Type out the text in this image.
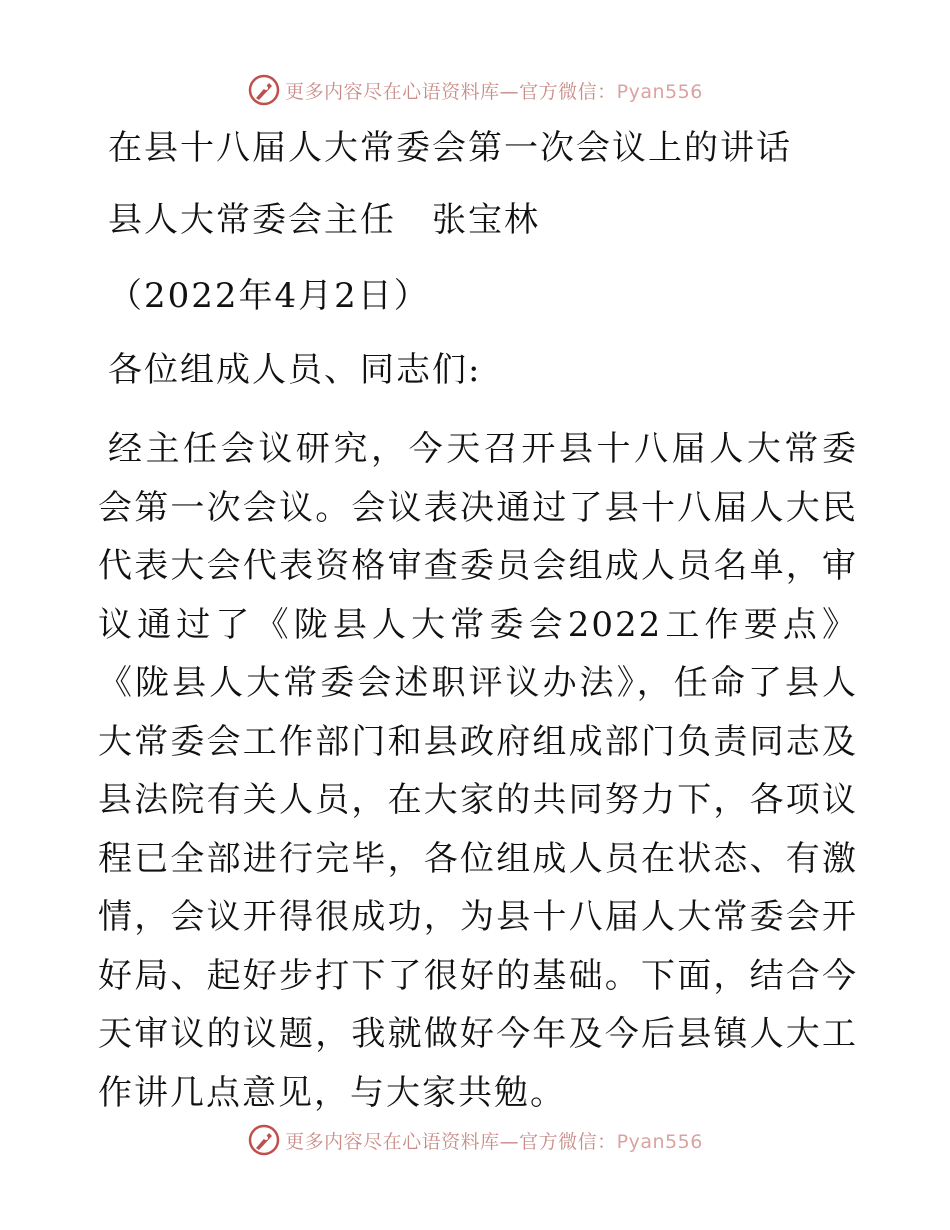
更多内容尽在心语资料库—官方微信：Pyan556
在县十八届人大常委会第一次会议上的讲话
县人大常委会主任　张宝林
（2022年4月2日）
各位组成人员、同志们:
经主任会议研究，今天召开县十八届人大常委会第一次会议。会议表决通过了县十八届人大民代表大会代表资格审查委员会组成人员名单，审议通过了《陇县人大常委会2022工作要点》《陇县人大常委会述职评议办法》，任命了县人大常委会工作部门和县政府组成部门负责同志及县法院有关人员，在大家的共同努力下，各项议程已全部进行完毕，各位组成人员在状态、有激情，会议开得很成功，为县十八届人大常委会开好局、起好步打下了很好的基础。下面，结合今天审议的议题，我就做好今年及今后县镇人大工作讲几点意见，与大家共勉。
更多内容尽在心语资料库—官方微信：Pyan556
